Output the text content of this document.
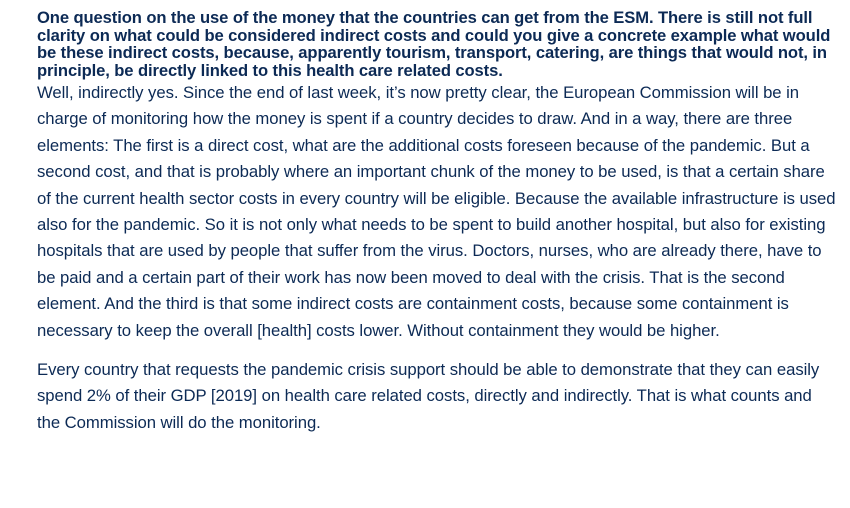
One question on the use of the money that the countries can get from the ESM. There is still not full clarity on what could be considered indirect costs and could you give a concrete example what would be these indirect costs, because, apparently tourism, transport, catering, are things that would not, in principle, be directly linked to this health care related costs.

Well, indirectly yes. Since the end of last week, it’s now pretty clear, the European Commission will be in charge of monitoring how the money is spent if a country decides to draw. And in a way, there are three elements: The first is a direct cost, what are the additional costs foreseen because of the pandemic. But a second cost, and that is probably where an important chunk of the money to be used, is that a certain share of the current health sector costs in every country will be eligible. Because the available infrastructure is used also for the pandemic. So it is not only what needs to be spent to build another hospital, but also for existing hospitals that are used by people that suffer from the virus. Doctors, nurses, who are already there, have to be paid and a certain part of their work has now been moved to deal with the crisis. That is the second element. And the third is that some indirect costs are containment costs, because some containment is necessary to keep the overall [health] costs lower. Without containment they would be higher.

Every country that requests the pandemic crisis support should be able to demonstrate that they can easily spend 2% of their GDP [2019] on health care related costs, directly and indirectly. That is what counts and the Commission will do the monitoring.
